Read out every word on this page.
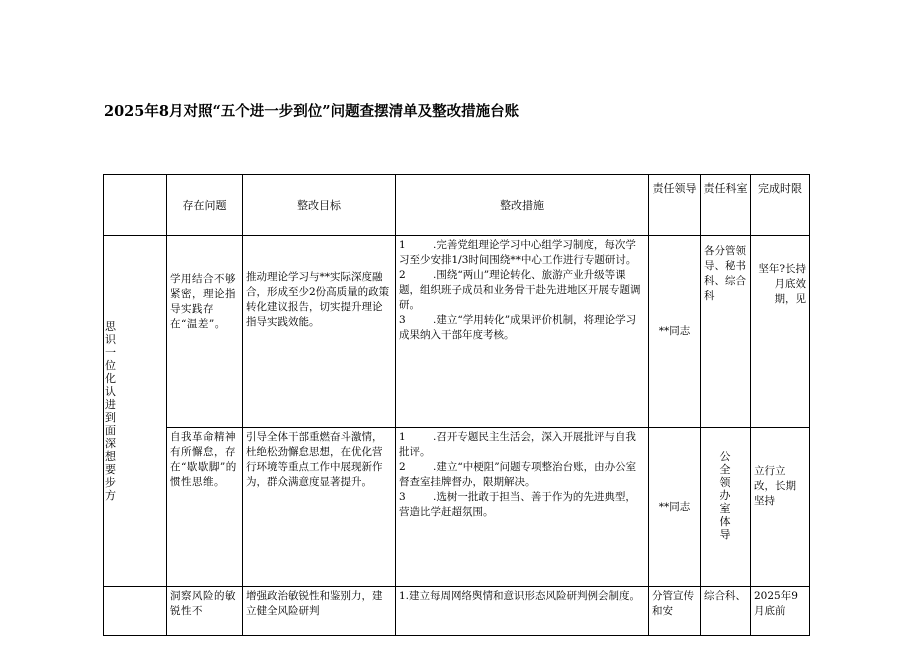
2025年8月对照“五个进一步到位”问题查摆清单及整改措施台账
	存在问题	整改目标	整改措施	责任领导	责任科室	完成时限

思识一位化认进到面深想要步方	学用结合不够紧密，理论指导实践存在“温差”。	推动理论学习与**实际深度融合，形成至少2份高质量的政策转化建议报告，切实提升理论指导实践效能。	1 .完善党组理论学习中心组学习制度，每次学习至少安排1/3时间围绕**中心工作进行专题研讨。

2 .围绕“两山”理论转化、旅游产业升级等课题，组织班子成员和业务骨干赴先进地区开展专题调研。

3 .建立“学用转化”成果评价机制，将理论学习成果纳入干部年度考核。	**同志	各分管领导、秘书科、综合科	坚年?长持月底效期，见
	自我革命精神有所懈怠，存在“歇歇脚”的惯性思维。	引导全体干部重燃奋斗激情，杜绝松劲懈怠思想，在优化营行环境等重点工作中展现新作为，群众满意度显著提升。	1 .召开专题民主生活会，深入开展批评与自我批评。

2 .建立“中梗阻”问题专项整治台账，由办公室督查室挂牌督办，限期解决。

3 .选树一批敢于担当、善于作为的先进典型，营造比学赶超氛围。	**同志	公全领办室体导	立行立改，长期坚持
	洞察风险的敏锐性不	增强政治敏锐性和鉴别力，建立健全风险研判	1.建立每周网络舆情和意识形态风险研判例会制度。	分管宣传和安	综合科、	2025年9月底前
